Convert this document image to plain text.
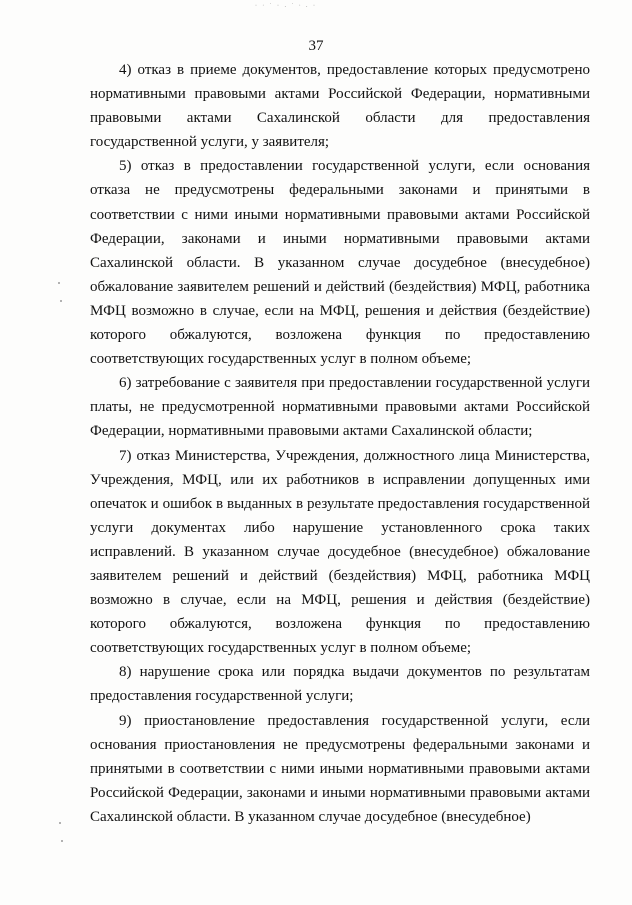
· ∙ ˙ · . ˙ ∙ . ·
37

4) отказ в приеме документов, предоставление которых предусмотрено нормативными правовыми актами Российской Федерации, нормативными правовыми актами Сахалинской области для предоставления государственной услуги, у заявителя;

5) отказ в предоставлении государственной услуги, если основания отказа не предусмотрены федеральными законами и принятыми в соответствии с ними иными нормативными правовыми актами Российской Федерации, законами и иными нормативными правовыми актами Сахалинской области. В указанном случае досудебное (внесудебное) обжалование заявителем решений и действий (бездействия) МФЦ, работника МФЦ возможно в случае, если на МФЦ, решения и действия (бездействие) которого обжалуются, возложена функция по предоставлению соответствующих государственных услуг в полном объеме;

6) затребование с заявителя при предоставлении государственной услуги платы, не предусмотренной нормативными правовыми актами Российской Федерации, нормативными правовыми актами Сахалинской области;

7) отказ Министерства, Учреждения, должностного лица Министерства, Учреждения, МФЦ, или их работников в исправлении допущенных ими опечаток и ошибок в выданных в результате предоставления государственной услуги документах либо нарушение установленного срока таких исправлений. В указанном случае досудебное (внесудебное) обжалование заявителем решений и действий (бездействия) МФЦ, работника МФЦ возможно в случае, если на МФЦ, решения и действия (бездействие) которого обжалуются, возложена функция по предоставлению соответствующих государственных услуг в полном объеме;

8) нарушение срока или порядка выдачи документов по результатам предоставления государственной услуги;

9) приостановление предоставления государственной услуги, если основания приостановления не предусмотрены федеральными законами и принятыми в соответствии с ними иными нормативными правовыми актами Российской Федерации, законами и иными нормативными правовыми актами Сахалинской области. В указанном случае досудебное (внесудебное)
